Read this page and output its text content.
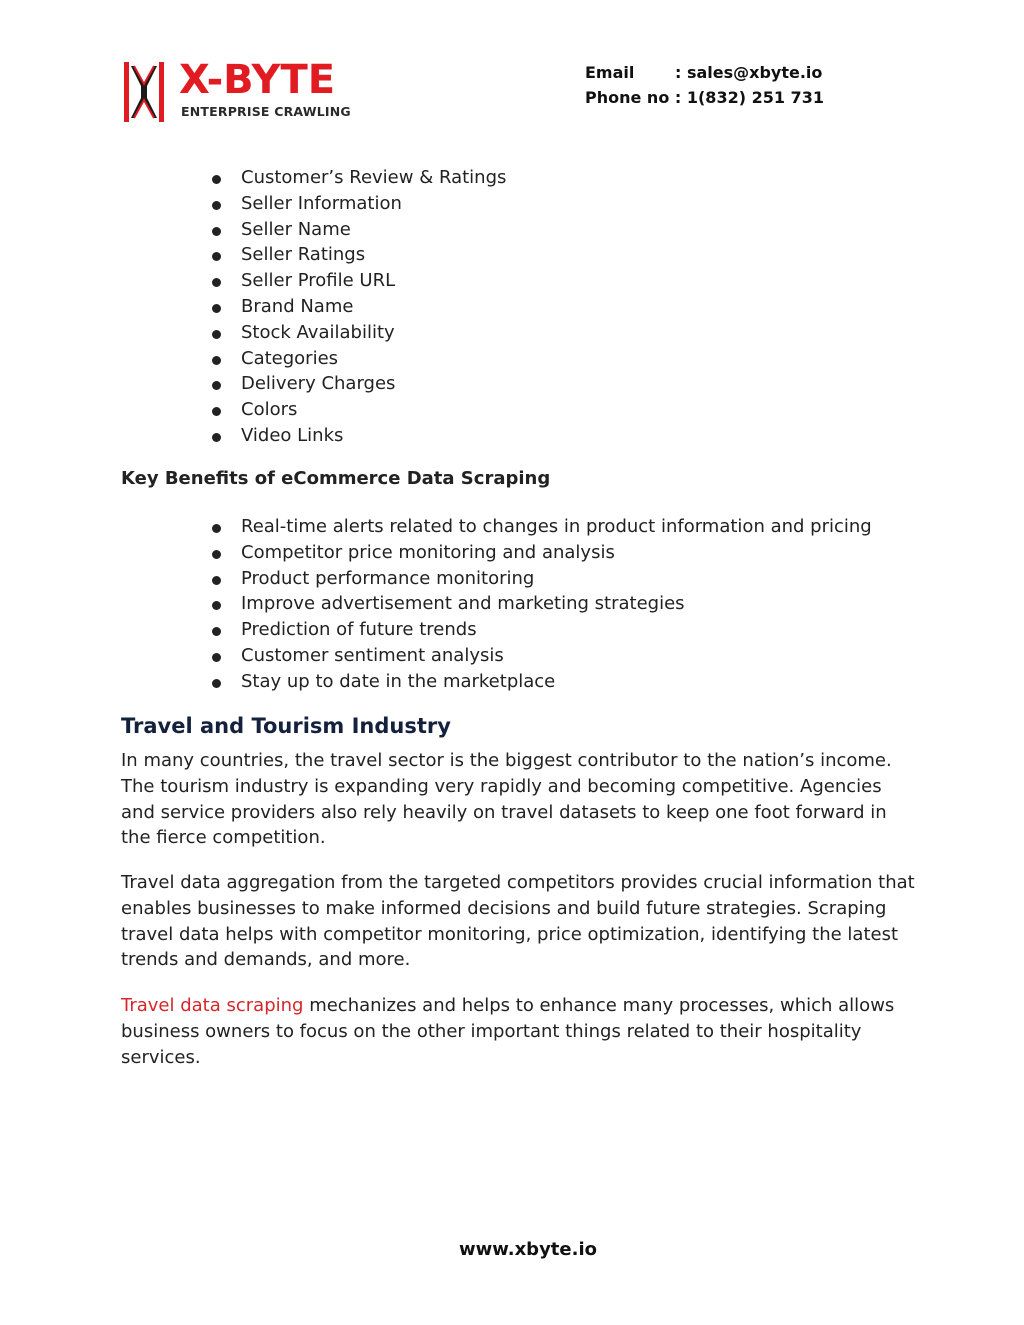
X-BYTE
ENTERPRISE CRAWLING
Email	: sales@xbyte.io
Phone no : 1(832) 251 731
Customer’s Review & Ratings
Seller Information
Seller Name
Seller Ratings
Seller Profile URL
Brand Name
Stock Availability
Categories
Delivery Charges
Colors
Video Links
Key Benefits of eCommerce Data Scraping
Real-time alerts related to changes in product information and pricing
Competitor price monitoring and analysis
Product performance monitoring
Improve advertisement and marketing strategies
Prediction of future trends
Customer sentiment analysis
Stay up to date in the marketplace
Travel and Tourism Industry

In many countries, the travel sector is the biggest contributor to the nation’s income. The tourism industry is expanding very rapidly and becoming competitive. Agencies and service providers also rely heavily on travel datasets to keep one foot forward in the fierce competition.

Travel data aggregation from the targeted competitors provides crucial information that enables businesses to make informed decisions and build future strategies. Scraping travel data helps with competitor monitoring, price optimization, identifying the latest trends and demands, and more.

Travel data scraping mechanizes and helps to enhance many processes, which allows business owners to focus on the other important things related to their hospitality services.

www.xbyte.io
